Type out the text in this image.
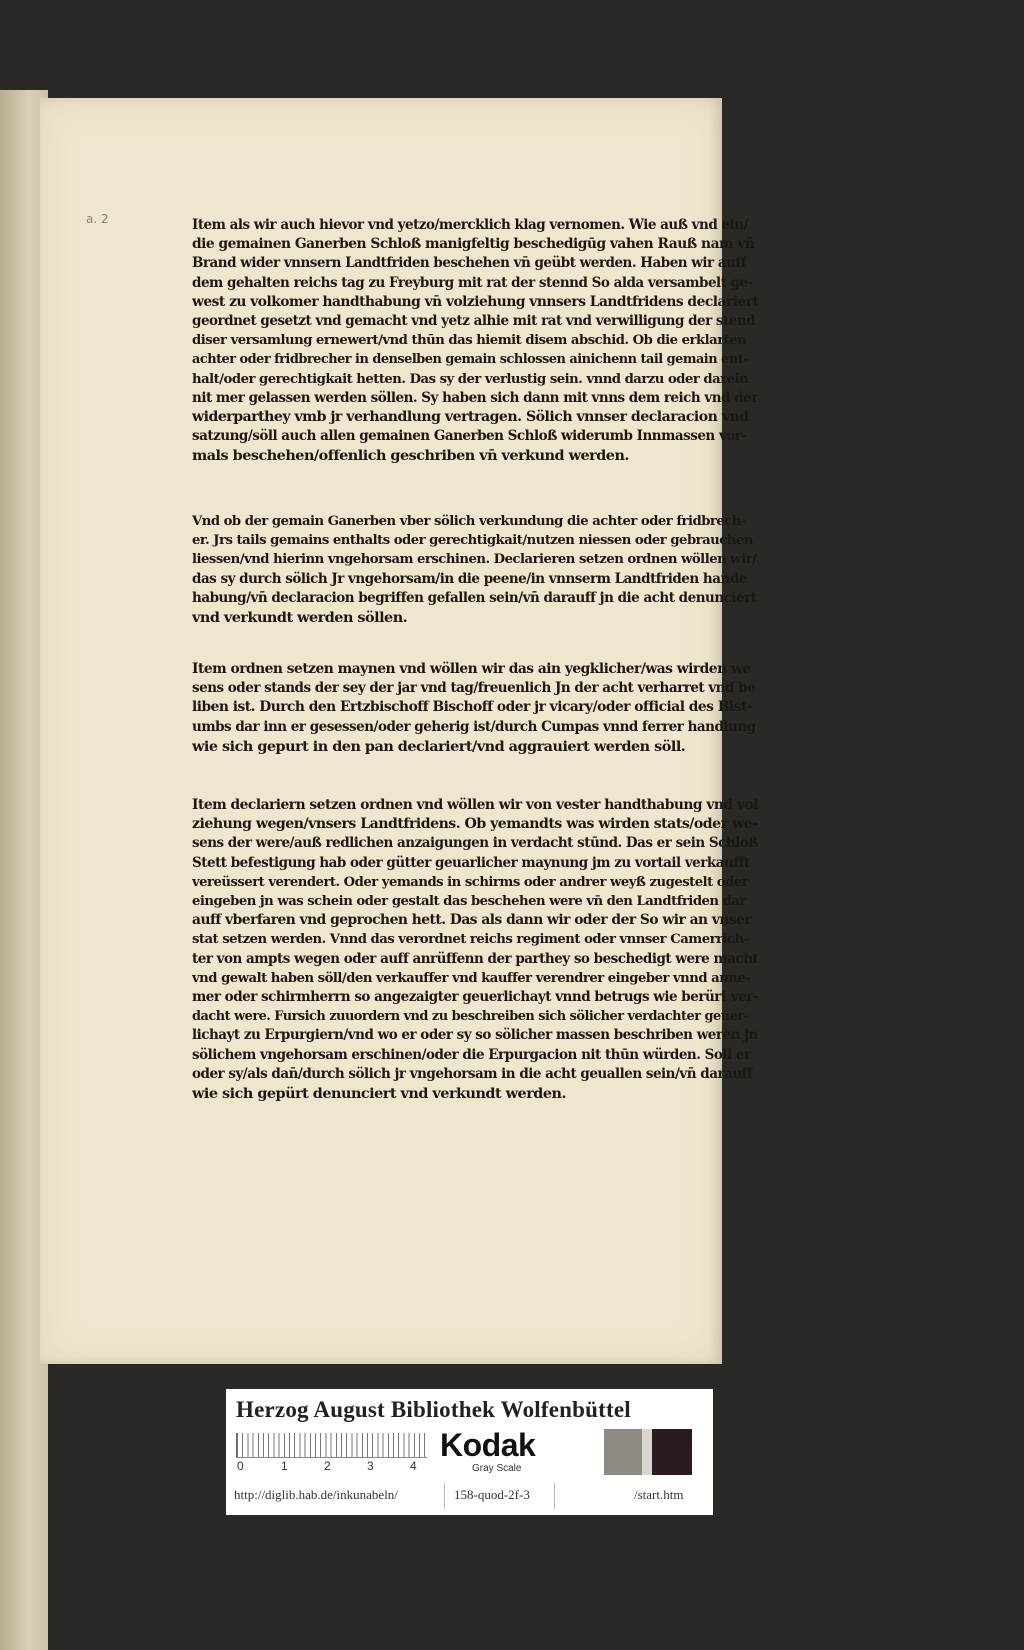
a. 2	Item als wir auch hievor vnd yetzo/mercklich klag vernomen. Wie auß vnd ein/
die gemainen Ganerben Schloß manigfeltig beschedigūg vahen Rauß nam vn̄
Brand wider vnnsern Landtfriden beschehen vn̄ geübt werden. Haben wir auff
dem gehalten reichs tag zu Freyburg mit rat der stennd So alda versambelt ge-
west zu volkomer handthabung vn̄ volziehung vnnsers Landtfridens declariert
geordnet gesetzt vnd gemacht vnd yetz alhie mit rat vnd verwilligung der stend
diser versamlung ernewert/vnd thūn das hiemit disem abschid. Ob die erklarten
achter oder fridbrecher in denselben gemain schlossen ainichenn tail gemain ent-
halt/oder gerechtigkait hetten. Das sy der verlustig sein. vnnd darzu oder darein
nit mer gelassen werden söllen. Sy haben sich dann mit vnns dem reich vnd der
widerparthey vmb jr verhandlung vertragen. Sölich vnnser declaracion vnd
satzung/söll auch allen gemainen Ganerben Schloß widerumb Innmassen vor-
mals beschehen/offenlich geschriben vn̄ verkund werden.
Vnd ob der gemain Ganerben vber sölich verkundung die achter oder fridbrech-
er. Jrs tails gemains enthalts oder gerechtigkait/nutzen niessen oder gebrauchen
liessen/vnd hierinn vngehorsam erschinen. Declarieren setzen ordnen wöllen wir/
das sy durch sölich Jr vngehorsam/in die peene/in vnnserm Landtfriden hande
habung/vn̄ declaracion begriffen gefallen sein/vn̄ darauff jn die acht denunciert
vnd verkundt werden söllen.
Item ordnen setzen maynen vnd wöllen wir das ain yegklicher/was wirden we
sens oder stands der sey der jar vnd tag/freuenlich Jn der acht verharret vnd be
liben ist. Durch den Ertzbischoff Bischoff oder jr vicary/oder official des Bist-
umbs dar inn er gesessen/oder geherig ist/durch Cumpas vnnd ferrer handlung
wie sich gepurt in den pan declariert/vnd aggrauiert werden söll.
Item declariern setzen ordnen vnd wöllen wir von vester handthabung vnd vol
ziehung wegen/vnsers Landtfridens. Ob yemandts was wirden stats/oder we-
sens der were/auß redlichen anzaigungen in verdacht stūnd. Das er sein Schloß
Stett befestigung hab oder gütter geuarlicher maynung jm zu vortail verkaufft
vereüssert verendert. Oder yemands in schirms oder andrer weyß zugestelt oder
eingeben jn was schein oder gestalt das beschehen were vn̄ den Landtfriden dar
auff vberfaren vnd geprochen hett. Das als dann wir oder der So wir an vnser
stat setzen werden. Vnnd das verordnet reichs regiment oder vnnser Camerrich-
ter von ampts wegen oder auff anrüffenn der parthey so beschedigt were macht
vnd gewalt haben söll/den verkauffer vnd kauffer verendrer eingeber vnnd anne-
mer oder schirmherrn so angezaigter geuerlichayt vnnd betrugs wie berürt ver-
dacht were. Fursich zuuordern vnd zu beschreiben sich sölicher verdachter geuer-
lichayt zu Erpurgiern/vnd wo er oder sy so sölicher massen beschriben weren jn
sölichem vngehorsam erschinen/oder die Erpurgacion nit thūn würden. Soll er
oder sy/als dan̄/durch sölich jr vngehorsam in die acht geuallen sein/vn̄ darauff
wie sich gepürt denunciert vnd verkundt werden.
Herzog August Bibliothek Wolfenbüttel
0	1	2	3	4
Kodak
Gray Scale
http://diglib.hab.de/inkunabeln/	158-quod-2f-3	/start.htm
